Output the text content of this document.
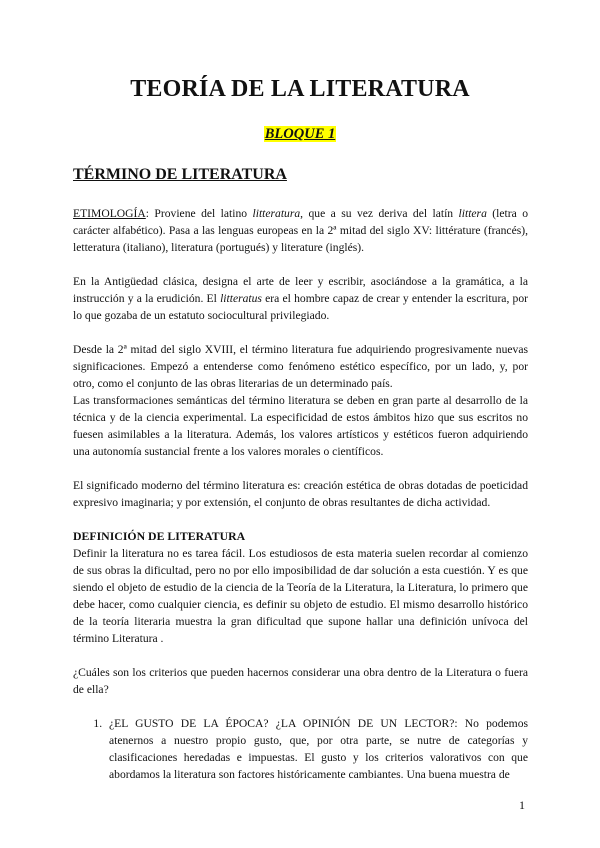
TEORÍA DE LA LITERATURA

BLOQUE 1

TÉRMINO DE LITERATURA

ETIMOLOGÍA: Proviene del latino litteratura, que a su vez deriva del latín littera (letra o carácter alfabético). Pasa a las lenguas europeas en la 2ª mitad del siglo XV: littérature (francés), letteratura (italiano), literatura (portugués) y literature (inglés).

En la Antigüedad clásica, designa el arte de leer y escribir, asociándose a la gramática, a la instrucción y a la erudición. El litteratus era el hombre capaz de crear y entender la escritura, por lo que gozaba de un estatuto sociocultural privilegiado.

Desde la 2ª mitad del siglo XVIII, el término literatura fue adquiriendo progresivamente nuevas significaciones. Empezó a entenderse como fenómeno estético específico, por un lado, y, por otro, como el conjunto de las obras literarias de un determinado país.

Las transformaciones semánticas del término literatura se deben en gran parte al desarrollo de la técnica y de la ciencia experimental. La especificidad de estos ámbitos hizo que sus escritos no fuesen asimilables a la literatura. Además, los valores artísticos y estéticos fueron adquiriendo una autonomía sustancial frente a los valores morales o científicos.

El significado moderno del término literatura es: creación estética de obras dotadas de poeticidad expresivo imaginaria; y por extensión, el conjunto de obras resultantes de dicha actividad.

DEFINICIÓN DE LITERATURA

Definir la literatura no es tarea fácil. Los estudiosos de esta materia suelen recordar al comienzo de sus obras la dificultad, pero no por ello imposibilidad de dar solución a esta cuestión. Y es que siendo el objeto de estudio de la ciencia de la Teoría de la Literatura, la Literatura, lo primero que debe hacer, como cualquier ciencia, es definir su objeto de estudio. El mismo desarrollo histórico de la teoría literaria muestra la gran dificultad que supone hallar una definición unívoca del término Literatura .

¿Cuáles son los criterios que pueden hacernos considerar una obra dentro de la Literatura o fuera de ella?

1. ¿EL GUSTO DE LA ÉPOCA? ¿LA OPINIÓN DE UN LECTOR?: No podemos atenernos a nuestro propio gusto, que, por otra parte, se nutre de categorías y clasificaciones heredadas e impuestas. El gusto y los criterios valorativos con que abordamos la literatura son factores históricamente cambiantes. Una buena muestra de
1
